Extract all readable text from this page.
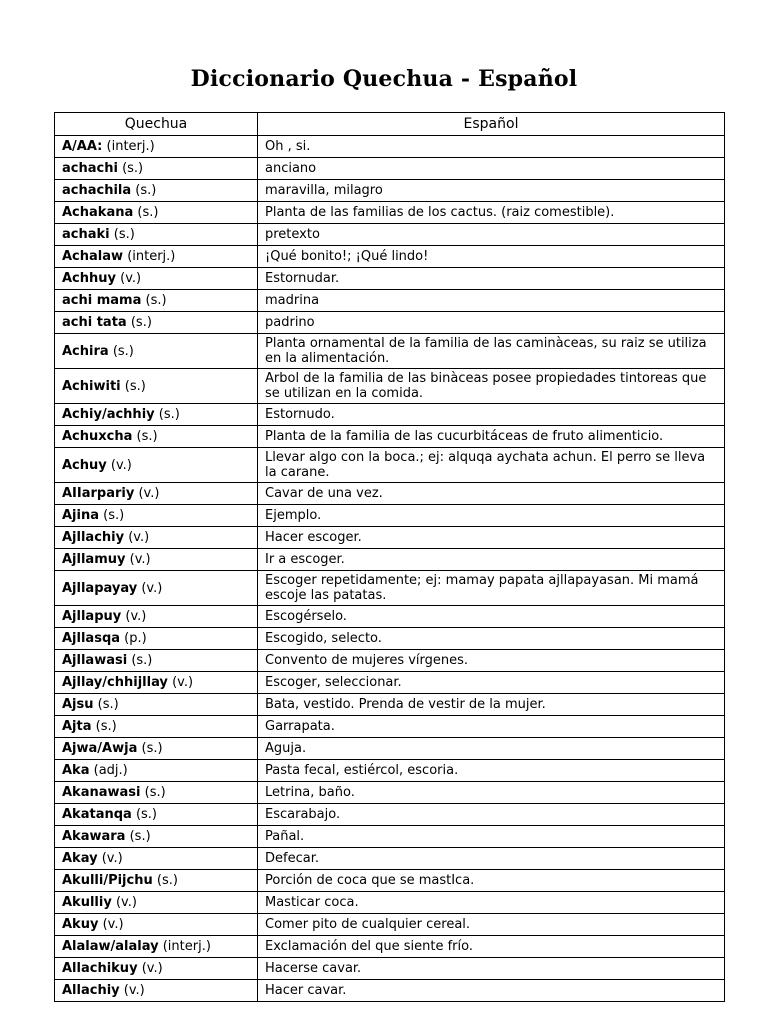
Diccionario Quechua - Español
Quechua	Español
A/AA: (interj.)	Oh , si.
achachi (s.)	anciano
achachila (s.)	maravilla, milagro
Achakana (s.)	Planta de las familias de los cactus. (raiz comestible).
achaki (s.)	pretexto
Achalaw (interj.)	¡Qué bonito!; ¡Qué lindo!
Achhuy (v.)	Estornudar.
achi mama (s.)	madrina
achi tata (s.)	padrino
Achira (s.)	Planta ornamental de la familia de las caminàceas, su raiz se utiliza en la alimentación.
Achiwiti (s.)	Arbol de la familia de las binàceas posee propiedades tintoreas que se utilizan en la comida.
Achiy/achhiy (s.)	Estornudo.
Achuxcha (s.)	Planta de la familia de las cucurbitáceas de fruto alimenticio.
Achuy (v.)	Llevar algo con la boca.; ej: alquqa aychata achun. El perro se lleva la carane.
AIIarpariy (v.)	Cavar de una vez.
Ajina (s.)	Ejemplo.
Ajllachiy (v.)	Hacer escoger.
Ajllamuy (v.)	Ir a escoger.
Ajllapayay (v.)	Escoger repetidamente; ej: mamay papata ajllapayasan. Mi mamá escoje las patatas.
Ajllapuy (v.)	Escogérselo.
Ajllasqa (p.)	Escogido, selecto.
Ajllawasi (s.)	Convento de mujeres vírgenes.
Ajllay/chhijllay (v.)	Escoger, seleccionar.
Ajsu (s.)	Bata, vestido. Prenda de vestir de la mujer.
Ajta (s.)	Garrapata.
Ajwa/Awja (s.)	Aguja.
Aka (adj.)	Pasta fecal, estiércol, escoria.
Akanawasi (s.)	Letrina, baño.
Akatanqa (s.)	Escarabajo.
Akawara (s.)	Pañal.
Akay (v.)	Defecar.
Akulli/Pijchu (s.)	Porción de coca que se mastIca.
Akulliy (v.)	Masticar coca.
Akuy (v.)	Comer pito de cualquier cereal.
Alalaw/alalay (interj.)	Exclamación del que siente frío.
Allachikuy (v.)	Hacerse cavar.
Allachiy (v.)	Hacer cavar.
